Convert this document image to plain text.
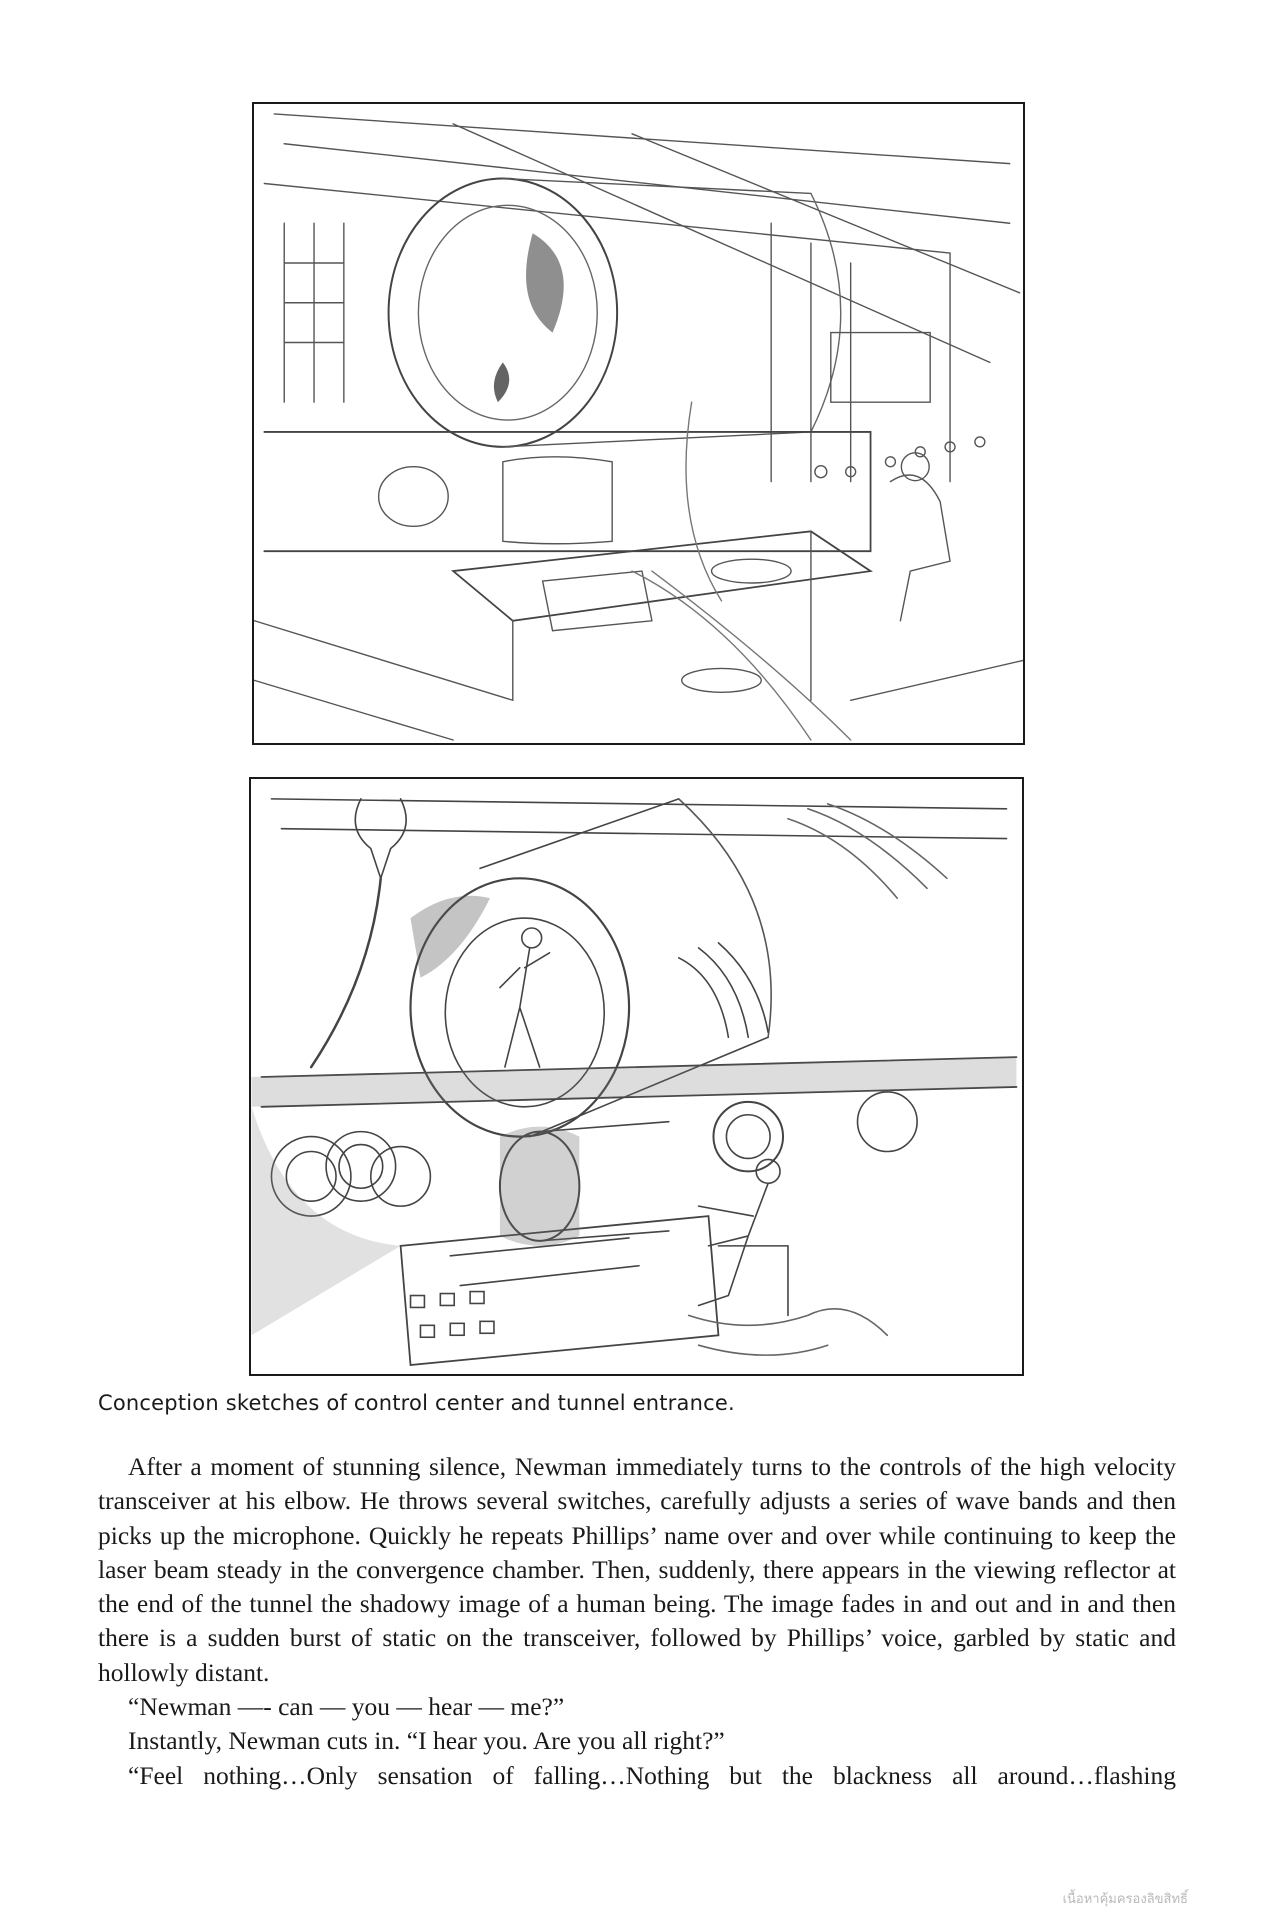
Conception sketches of control center and tunnel entrance.

After a moment of stunning silence, Newman immediately turns to the controls of the high velocity transceiver at his elbow. He throws several switches, carefully adjusts a series of wave bands and then picks up the microphone. Quickly he repeats Phillips’ name over and over while continuing to keep the laser beam steady in the convergence chamber. Then, suddenly, there appears in the viewing reflector at the end of the tunnel the shadowy image of a human being. The image fades in and out and in and then there is a sudden burst of static on the transceiver, followed by Phillips’ voice, garbled by static and hollowly distant.

“Newman —- can — you — hear — me?”

Instantly, Newman cuts in. “I hear you. Are you all right?”

“Feel nothing…Only sensation of falling…Nothing but the blackness all around…flashing

เนื้อหาคุ้มครองลิขสิทธิ์
